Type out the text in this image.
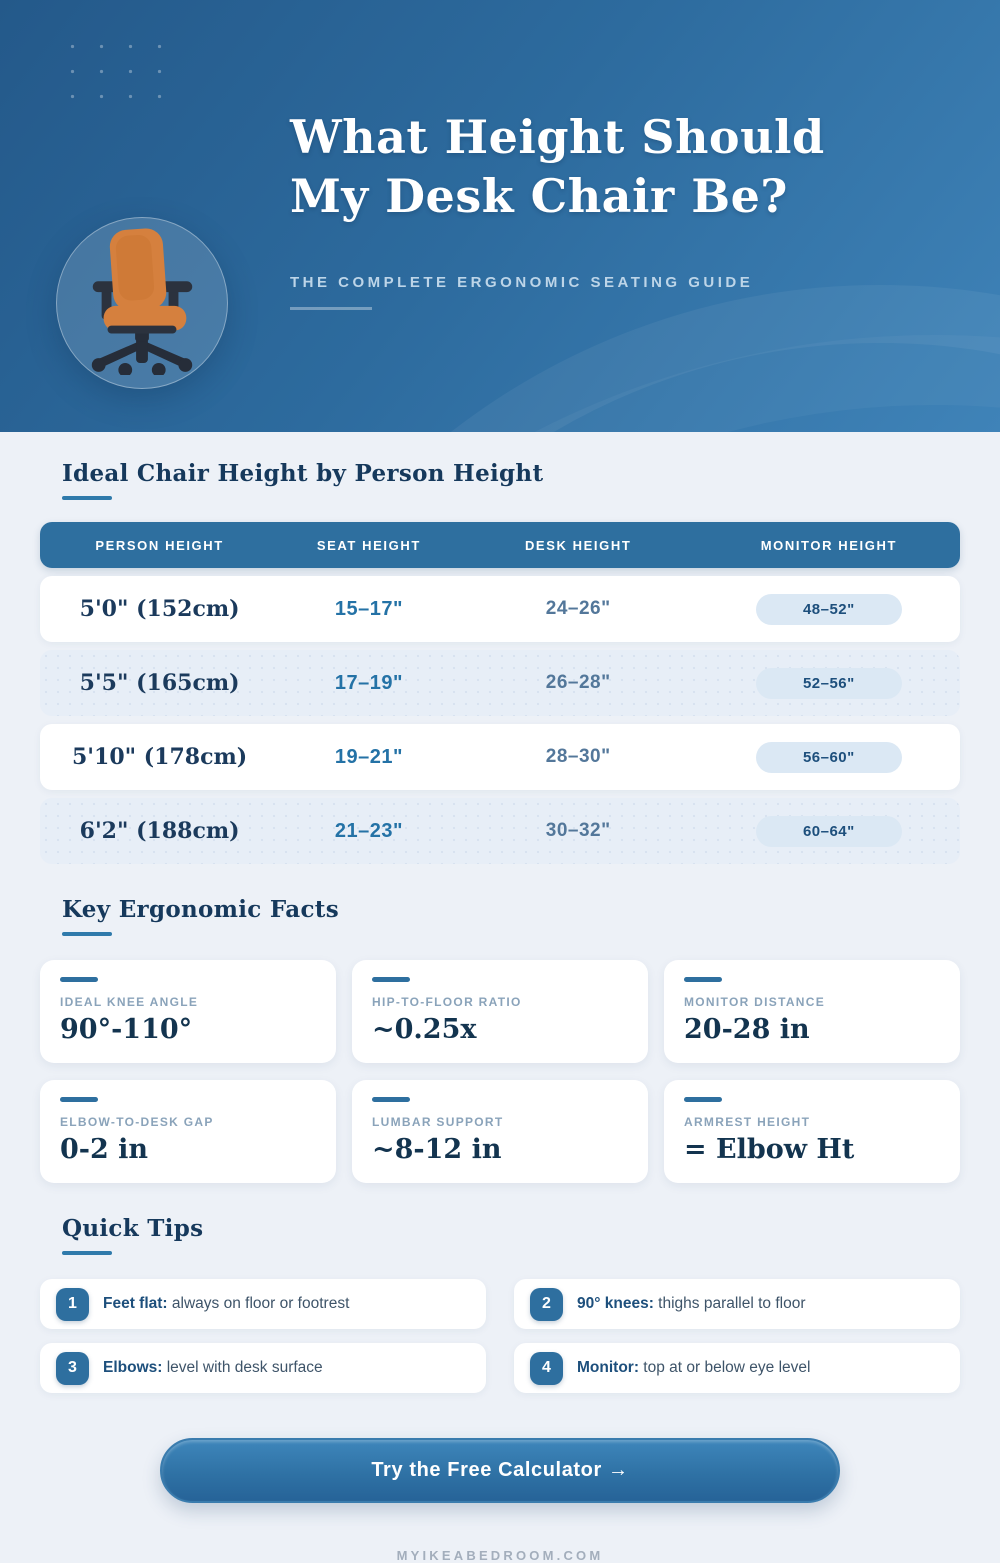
What Height Should
My Desk Chair Be?
THE COMPLETE ERGONOMIC SEATING GUIDE
Ideal Chair Height by Person Height
PERSON HEIGHT	SEAT HEIGHT	DESK HEIGHT	MONITOR HEIGHT
5'0" (152cm)	15–17"	24–26"	48–52"
5'5" (165cm)	17–19"	26–28"	52–56"
5'10" (178cm)	19–21"	28–30"	56–60"
6'2" (188cm)	21–23"	30–32"	60–64"
Key Ergonomic Facts
IDEAL KNEE ANGLE
90°-110°
HIP-TO-FLOOR RATIO
~0.25x
MONITOR DISTANCE
20-28 in
ELBOW-TO-DESK GAP
0-2 in
LUMBAR SUPPORT
~8-12 in
ARMREST HEIGHT
= Elbow Ht
Quick Tips
1	Feet flat: always on floor or footrest	2	90° knees: thighs parallel to floor
3	Elbows: level with desk surface	4	Monitor: top at or below eye level
Try the Free Calculator →
MYIKEABEDROOM.COM
